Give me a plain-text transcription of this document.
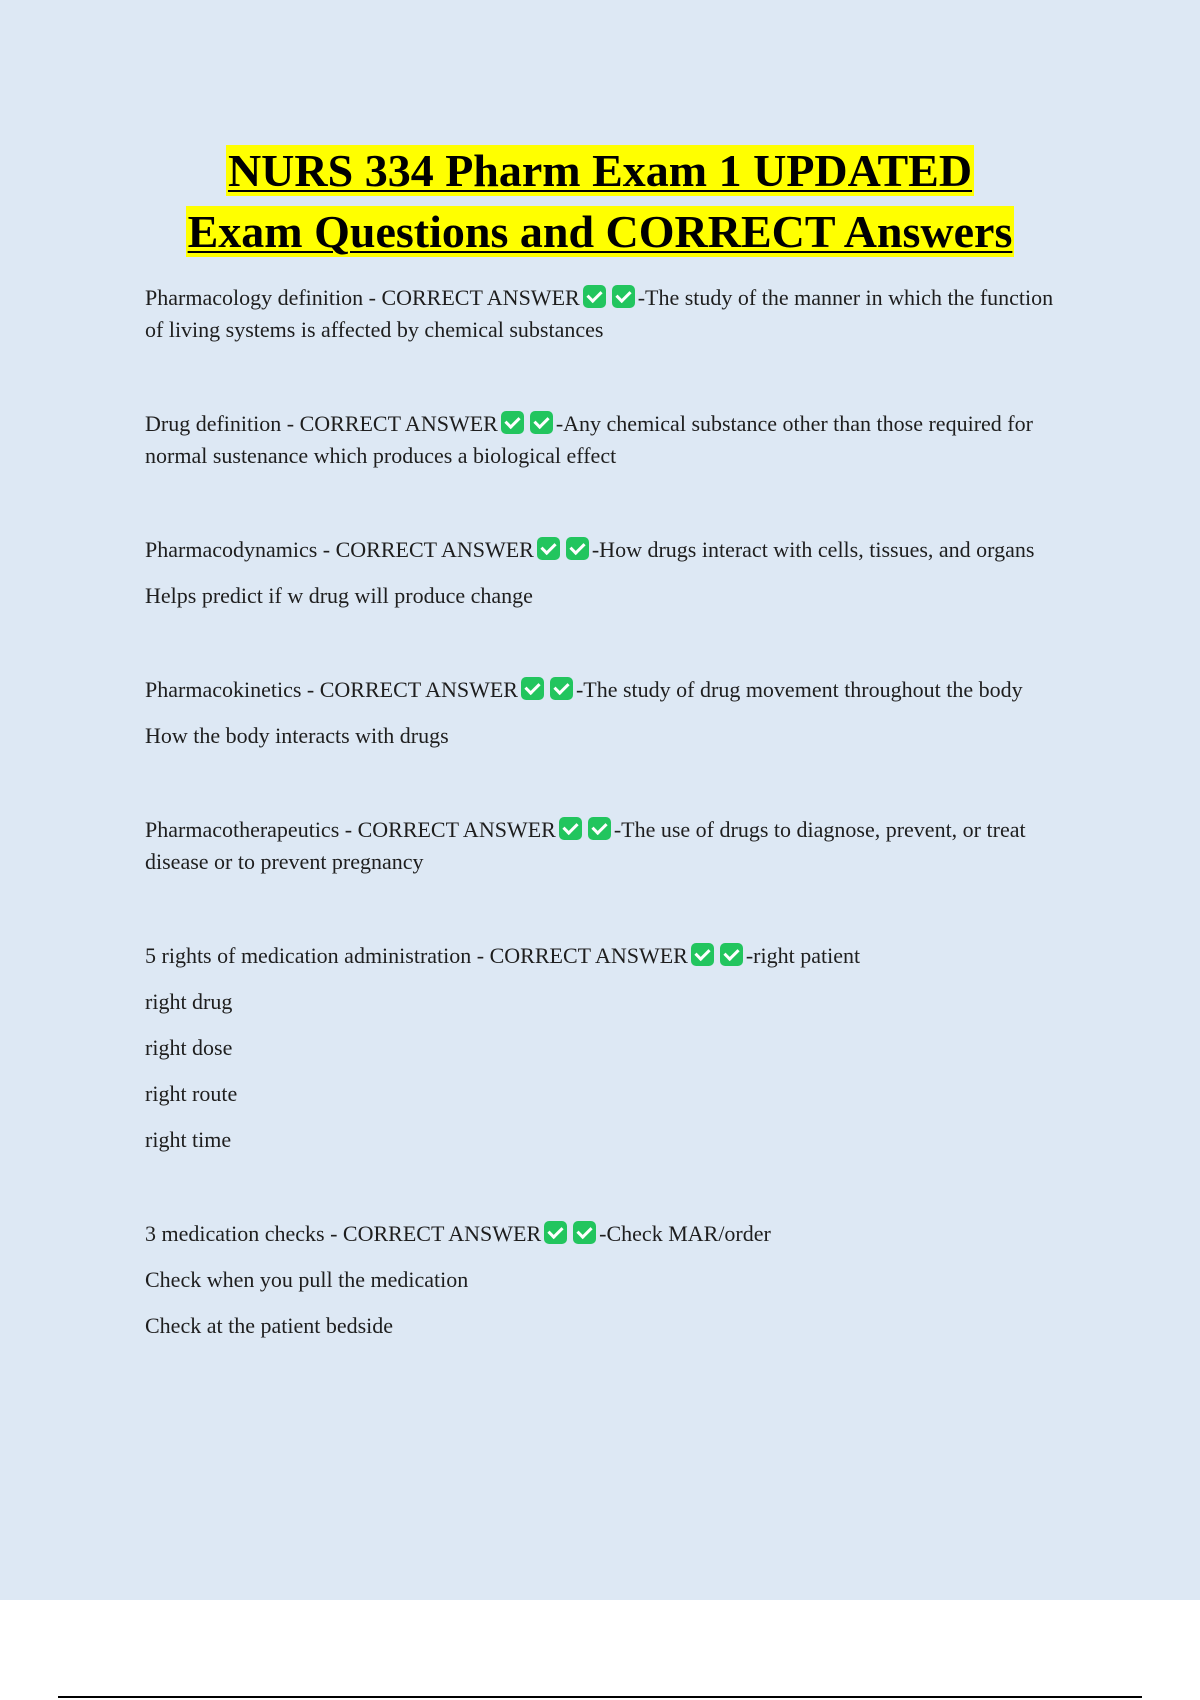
NURS 334 Pharm Exam 1 UPDATED
Exam Questions and CORRECT Answers

Pharmacology definition - CORRECT ANSWER	-The study of the manner in which the function of living systems is affected by chemical substances

Drug definition - CORRECT ANSWER	-Any chemical substance other than those required for normal sustenance which produces a biological effect

Pharmacodynamics - CORRECT ANSWER	-How drugs interact with cells, tissues, and organs

Helps predict if w drug will produce change

Pharmacokinetics - CORRECT ANSWER	-The study of drug movement throughout the body

How the body interacts with drugs

Pharmacotherapeutics - CORRECT ANSWER	-The use of drugs to diagnose, prevent, or treat disease or to prevent pregnancy

5 rights of medication administration - CORRECT ANSWER	-right patient

right drug

right dose

right route

right time

3 medication checks - CORRECT ANSWER	-Check MAR/order

Check when you pull the medication

Check at the patient bedside
